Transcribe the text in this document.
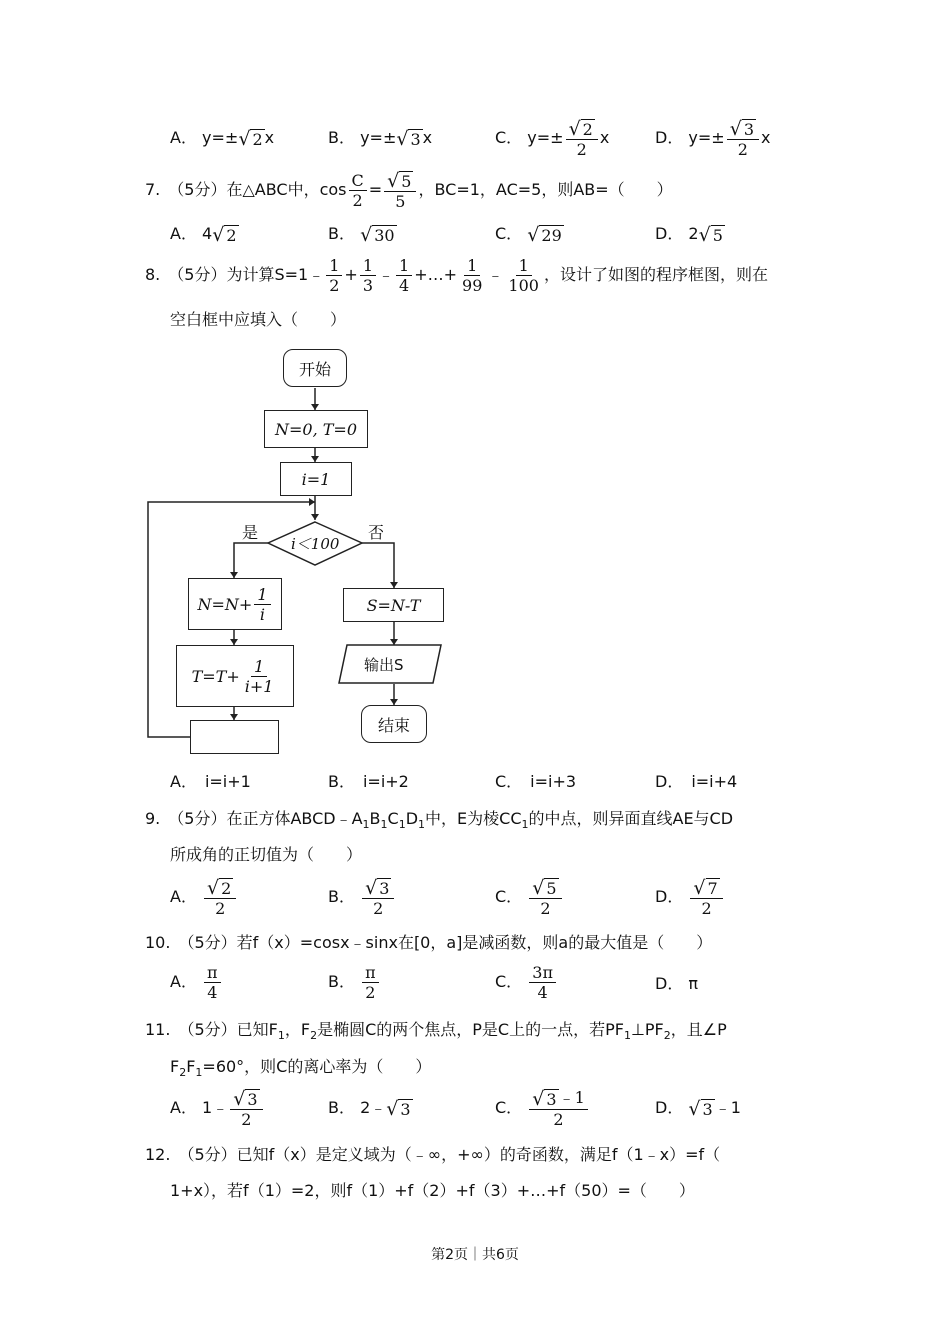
A． y=± √ 2 x	B． y=± √ 3 x	C． $y=\pm \frac{√ 2}{2}$ x	D． $y=\pm \frac{√ 3}{2}$ x
7.　 （5分）在△ABC中，$\cos \frac{C}{2} = \frac{√ 5}{5}$ ，BC=1，AC=5，则AB=（　　）
A． 4 √ 2	B． √ 30	C． √ 29	D． 2 √ 5
8.　 （5分）为计算S=1﹣ $\frac{1}{2} + \frac{1}{3}$ ﹣ $\frac{1}{4}$ +…+ $\frac{1}{99}$ ﹣ $\frac{1}{100}$ ，设计了如图的程序框图，则在
空白框中应填入（　　）
开始
N=0, T=0
i=1
i＜100
是	否
$N=N+ \frac{1}{i}$
$T=T+ \frac{1}{i+1}$
S=N-T
输出S
结束
A．　i=i+1	B．　i=i+2	C．　i=i+3	D．　i=i+4
9.　 （5分）在正方体$ABCD﹣A_1B_1C_1D_1$中，E为棱$CC_1$的中点，则异面直线AE与CD
所成角的正切值为（　　）
A． $\frac{√ 2}{2}$	B． $\frac{√ 3}{2}$	C． $\frac{√ 5}{2}$	D． $\frac{√ 7}{2}$
10.　 （5分）若f（x）=cosx﹣sinx在[0，a]是减函数，则a的最大值是（　　）
A． $\frac{\pi}{4}$	B． $\frac{\pi}{2}$	C． $\frac{3\pi}{4}$	D． π
11.　 （5分）已知$F_1$，$F_2$是椭圆C的两个焦点，P是C上的一点，若$PF_1\perp PF_2$，且∠P
$F_2F_1=60^\circ$，则C的离心率为（　　）
A． 1﹣ $\frac{√ 3}{2}$	B． 2﹣ √ 3	C． $\frac{√ 3 ﹣1}{2}$	D． √ 3 ﹣1
12.　 （5分）已知f（x）是定义域为（﹣∞，+∞）的奇函数，满足f（1﹣x）=f（
1+x），若f（1）=2，则f（1）+f（2）+f（3）+…+f（50）=（　　）
第2页｜共6页
